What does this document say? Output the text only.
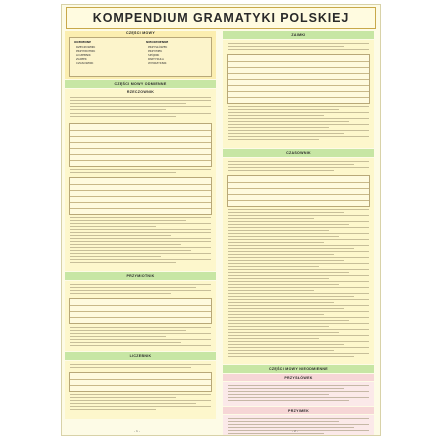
KOMPENDIUM GRAMATYKI POLSKIEJ
CZĘŚCI MOWY
ODMIENNE	NIEODMIENNE
RZECZOWNIK
PRZYMIOTNIK
LICZEBNIK
ZAIMEK
CZASOWNIK
PRZYSŁÓWEK
PRZYIMEK
SPÓJNIK
PARTYKUŁA
WYKRZYKNIK
CZĘŚCI MOWY ODMIENNE
RZECZOWNIK
PRZYMIOTNIK
LICZEBNIK
ZAIMKI
CZASOWNIK
CZĘŚCI MOWY NIEODMIENNE
PRZYSŁÓWEK
PRZYIMEK
- 1 -	- 2 -
